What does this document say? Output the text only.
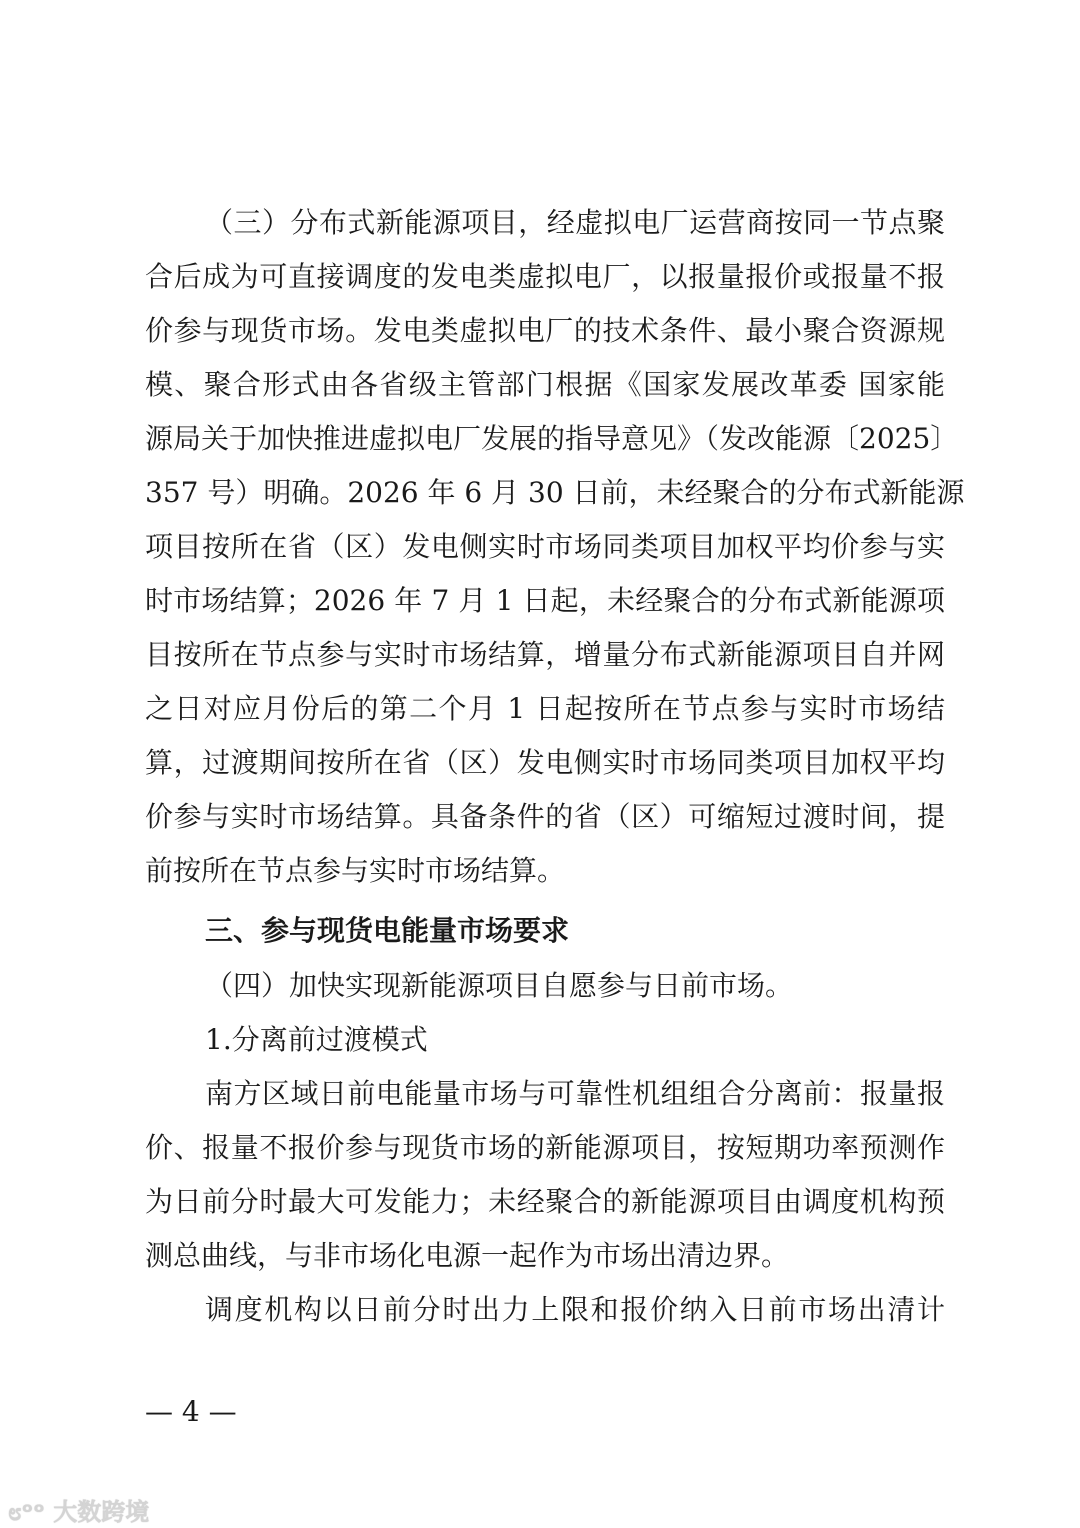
（三）分布式新能源项目，经虚拟电厂运营商按同一节点聚
合后成为可直接调度的发电类虚拟电厂，以报量报价或报量不报
价参与现货市场。发电类虚拟电厂的技术条件、最小聚合资源规
模、聚合形式由各省级主管部门根据《国家发展改革委 国家能
源局关于加快推进虚拟电厂发展的指导意见》（发改能源〔2025〕
357 号）明确。2026 年 6 月 30 日前，未经聚合的分布式新能源
项目按所在省（区）发电侧实时市场同类项目加权平均价参与实
时市场结算；2026 年 7 月 1 日起，未经聚合的分布式新能源项
目按所在节点参与实时市场结算，增量分布式新能源项目自并网
之日对应月份后的第二个月 1 日起按所在节点参与实时市场结
算，过渡期间按所在省（区）发电侧实时市场同类项目加权平均
价参与实时市场结算。具备条件的省（区）可缩短过渡时间，提
前按所在节点参与实时市场结算。
三、参与现货电能量市场要求
（四）加快实现新能源项目自愿参与日前市场。
1.分离前过渡模式
南方区域日前电能量市场与可靠性机组组合分离前：报量报
价、报量不报价参与现货市场的新能源项目，按短期功率预测作
为日前分时最大可发能力；未经聚合的新能源项目由调度机构预
测总曲线，与非市场化电源一起作为市场出清边界。
调度机构以日前分时出力上限和报价纳入日前市场出清计
— 4 —
೮ᵒᵒ 大数跨境
